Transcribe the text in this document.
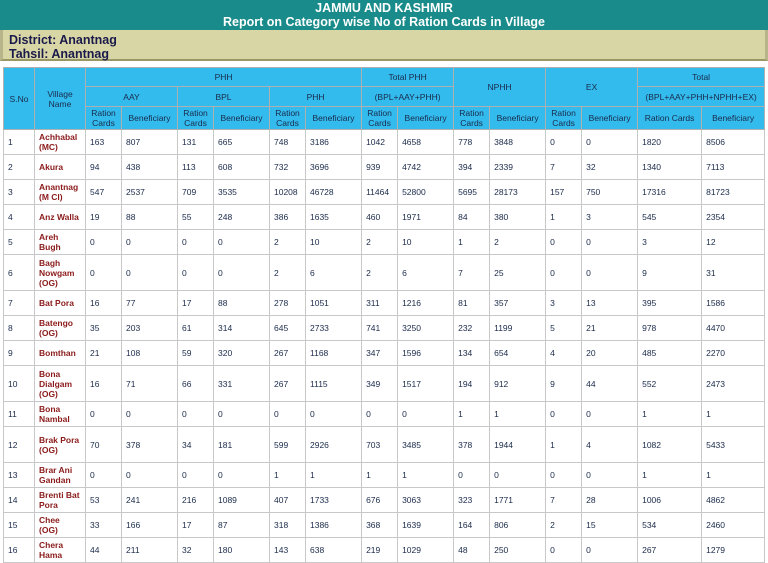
JAMMU AND KASHMIR
Report on Category wise No of Ration Cards in Village
District: Anantnag
Tahsil: Anantnag
S.No	Village Name	PHH						Total PHH		NPHH		EX		Total	
		AAY		BPL		PHH		(BPL+AAY+PHH)						(BPL+AAY+PHH+NPHH+EX)	
		Ration Cards	Beneficiary	Ration Cards	Beneficiary	Ration Cards	Beneficiary	Ration Cards	Beneficiary	Ration Cards	Beneficiary	Ration Cards	Beneficiary	Ration Cards	Beneficiary
1	Achhabal (MC)	163	807	131	665	748	3186	1042	4658	778	3848	0	0	1820	8506
2	Akura	94	438	113	608	732	3696	939	4742	394	2339	7	32	1340	7113
3	Anantnag (M Cl)	547	2537	709	3535	10208	46728	11464	52800	5695	28173	157	750	17316	81723
4	Anz Walla	19	88	55	248	386	1635	460	1971	84	380	1	3	545	2354
5	Areh Bugh	0	0	0	0	2	10	2	10	1	2	0	0	3	12
6	Bagh Nowgam (OG)	0	0	0	0	2	6	2	6	7	25	0	0	9	31
7	Bat Pora	16	77	17	88	278	1051	311	1216	81	357	3	13	395	1586
8	Batengo (OG)	35	203	61	314	645	2733	741	3250	232	1199	5	21	978	4470
9	Bomthan	21	108	59	320	267	1168	347	1596	134	654	4	20	485	2270
10	Bona Dialgam (OG)	16	71	66	331	267	1115	349	1517	194	912	9	44	552	2473
11	Bona Nambal	0	0	0	0	0	0	0	0	1	1	0	0	1	1
12	Brak Pora (OG)	70	378	34	181	599	2926	703	3485	378	1944	1	4	1082	5433
13	Brar Ani Gandan	0	0	0	0	1	1	1	1	0	0	0	0	1	1
14	Brenti Bat Pora	53	241	216	1089	407	1733	676	3063	323	1771	7	28	1006	4862
15	Chee (OG)	33	166	17	87	318	1386	368	1639	164	806	2	15	534	2460
16	Chera Hama	44	211	32	180	143	638	219	1029	48	250	0	0	267	1279
